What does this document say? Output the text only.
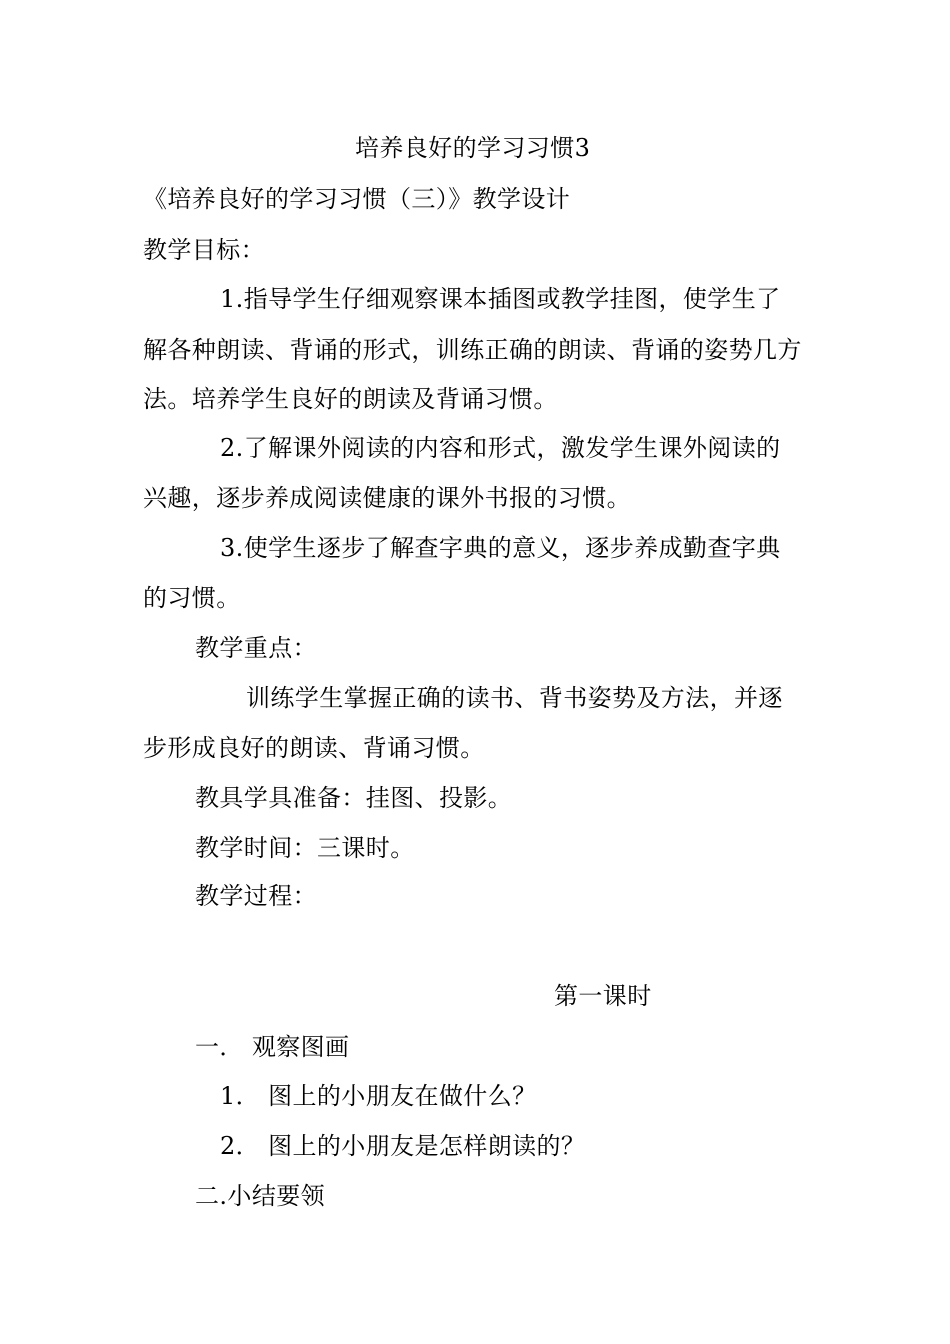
培养良好的学习习惯3
《培养良好的学习习惯（三）》教学设计
教学目标：
1.指导学生仔细观察课本插图或教学挂图，使学生了
解各种朗读、背诵的形式，训练正确的朗读、背诵的姿势几方
法。培养学生良好的朗读及背诵习惯。
2.了解课外阅读的内容和形式，激发学生课外阅读的
兴趣，逐步养成阅读健康的课外书报的习惯。
3.使学生逐步了解查字典的意义，逐步养成勤查字典
的习惯。
教学重点：
训练学生掌握正确的读书、背书姿势及方法，并逐
步形成良好的朗读、背诵习惯。
教具学具准备：挂图、投影。
教学时间：三课时。
教学过程：
第一课时
一． 观察图画
1． 图上的小朋友在做什么？
2． 图上的小朋友是怎样朗读的？
二.小结要领
